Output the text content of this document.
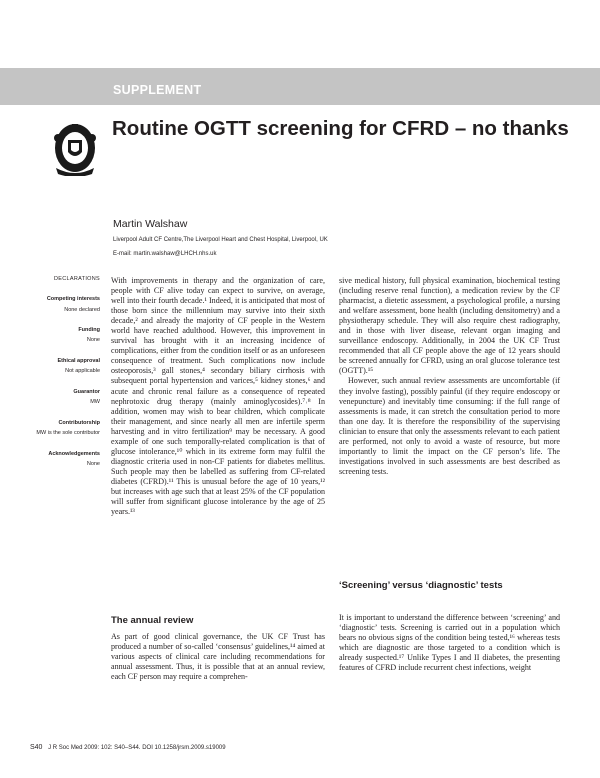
SUPPLEMENT
Routine OGTT screening for CFRD – no thanks
Martin Walshaw
Liverpool Adult CF Centre,The Liverpool Heart and Chest Hospital, Liverpool, UK
E-mail: martin.walshaw@LHCH.nhs.uk
DECLARATIONS
Competing interests
None declared
Funding
None
Ethical approval
Not applicable
Guarantor
MW
Contributorship
MW is the sole contributor
Acknowledgements
None

With improvements in therapy and the organization of care, people with CF alive today can expect to survive, on average, well into their fourth decade.¹ Indeed, it is anticipated that most of those born since the millennium may survive into their sixth decade,² and already the majority of CF people in the Western world have reached adulthood. However, this improvement in survival has brought with it an increasing incidence of complications, either from the condition itself or as an unforeseen consequence of treatment. Such complications now include osteoporosis,³ gall stones,⁴ secondary biliary cirrhosis with subsequent portal hypertension and varices,⁵ kidney stones,⁶ and acute and chronic renal failure as a consequence of repeated nephrotoxic drug therapy (mainly aminoglycosides).⁷˒⁸ In addition, women may wish to bear children, which complicate their management, and since nearly all men are infertile sperm harvesting and in vitro fertilization⁹ may be necessary. A good example of one such temporally-related complication is that of glucose intolerance,¹⁰ which in its extreme form may fulfil the diagnostic criteria used in non-CF patients for diabetes mellitus. Such people may then be labelled as suffering from CF-related diabetes (CFRD).¹¹ This is unusual before the age of 10 years,¹² but increases with age such that at least 25% of the CF population will suffer from significant glucose intolerance by the age of 25 years.¹³

The annual review

As part of good clinical governance, the UK CF Trust has produced a number of so-called ‘consensus’ guidelines,¹⁴ aimed at various aspects of clinical care including recommendations for annual assessment. Thus, it is possible that at an annual review, each CF person may require a comprehen-

sive medical history, full physical examination, biochemical testing (including reserve renal function), a medication review by the CF pharmacist, a dietetic assessment, a psychological profile, a nursing and welfare assessment, bone health (including densitometry) and a physiotherapy schedule. They will also require chest radiography, and in those with liver disease, relevant organ imaging and surveillance endoscopy. Additionally, in 2004 the UK CF Trust recommended that all CF people above the age of 12 years should be screened annually for CFRD, using an oral glucose tolerance test (OGTT).¹⁵

However, such annual review assessments are uncomfortable (if they involve fasting), possibly painful (if they require endoscopy or venepuncture) and inevitably time consuming: if the full range of assessments is made, it can stretch the consultation period to more than one day. It is therefore the responsibility of the supervising clinician to ensure that only the assessments relevant to each patient are performed, not only to avoid a waste of resource, but more importantly to limit the impact on the CF person’s life. The investigations involved in such assessments are best described as screening tests.

‘Screening’ versus ‘diagnostic’ tests

It is important to understand the difference between ‘screening’ and ‘diagnostic’ tests. Screening is carried out in a population which bears no obvious signs of the condition being tested,¹⁶ whereas tests which are diagnostic are those targeted to a condition which is already suspected.¹⁷ Unlike Types I and II diabetes, the presenting features of CFRD include recurrent chest infections, weight

S40 J R Soc Med 2009: 102: S40–S44. DOI 10.1258/jrsm.2009.s19009
